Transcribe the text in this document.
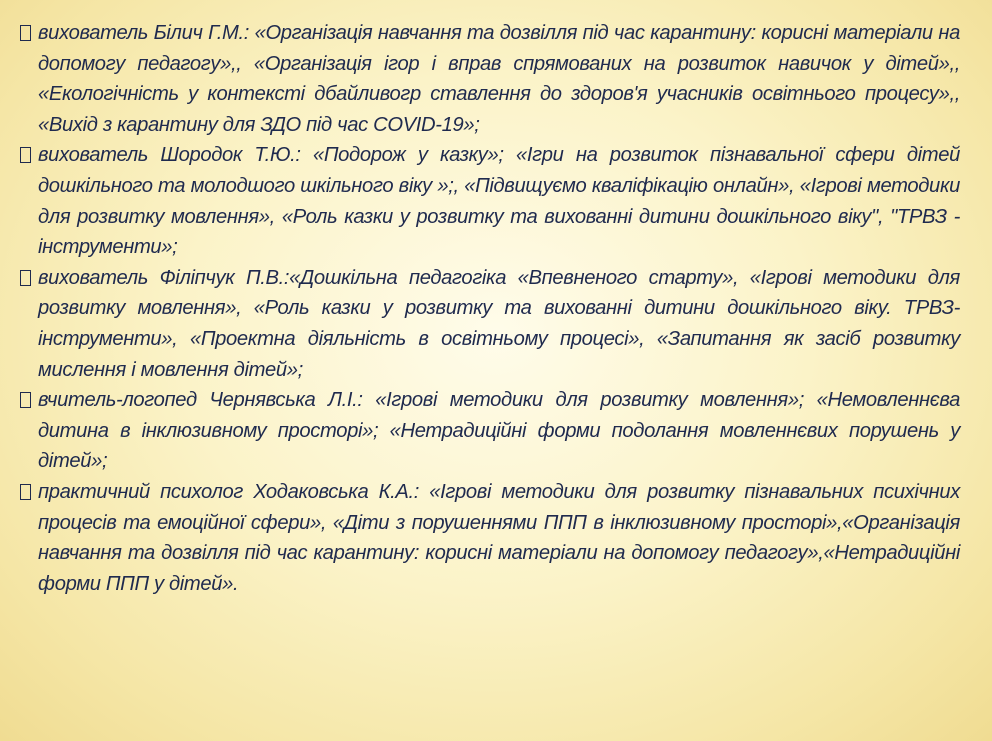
вихователь Білич Г.М.: «Організація навчання та дозвілля під час карантину: корисні матеріали на допомогу педагогу»,, «Організація ігор і вправ спрямованих на розвиток навичок у дітей»,, «Екологічність у контексті дбайливогр ставлення до здоров'я учасників освітнього процесу»,, «Вихід з карантину для ЗДО під час COVID-19»;
вихователь Шородок Т.Ю.: «Подорож у казку»; «Ігри на розвиток пізнавальної сфери дітей дошкільного та молодшого шкільного віку »;, «Підвищуємо кваліфікацію онлайн», «Ігрові методики для розвитку мовлення», «Роль казки у розвитку та вихованні дитини дошкільного віку", "ТРВЗ - інструменти»;
вихователь Філіпчук П.В.:«Дошкільна педагогіка «Впевненого старту», «Ігрові методики для розвитку мовлення», «Роль казки у розвитку та вихованні дитини дошкільного віку. ТРВЗ-інструменти», «Проектна діяльність в освітньому процесі», «Запитання як засіб розвитку мислення і мовлення дітей»;
вчитель-логопед Чернявська Л.І.: «Ігрові методики для розвитку мовлення»; «Немовленнєва дитина в інклюзивному просторі»; «Нетрадиційні форми подолання мовленнєвих порушень у дітей»;
практичний психолог Ходаковська К.А.: «Ігрові методики для розвитку пізнавальних психічних процесів та емоційної сфери», «Діти з порушеннями ППП в інклюзивному просторі»,«Організація навчання та дозвілля під час карантину: корисні матеріали на допомогу педагогу»,«Нетрадиційні форми ППП у дітей».
